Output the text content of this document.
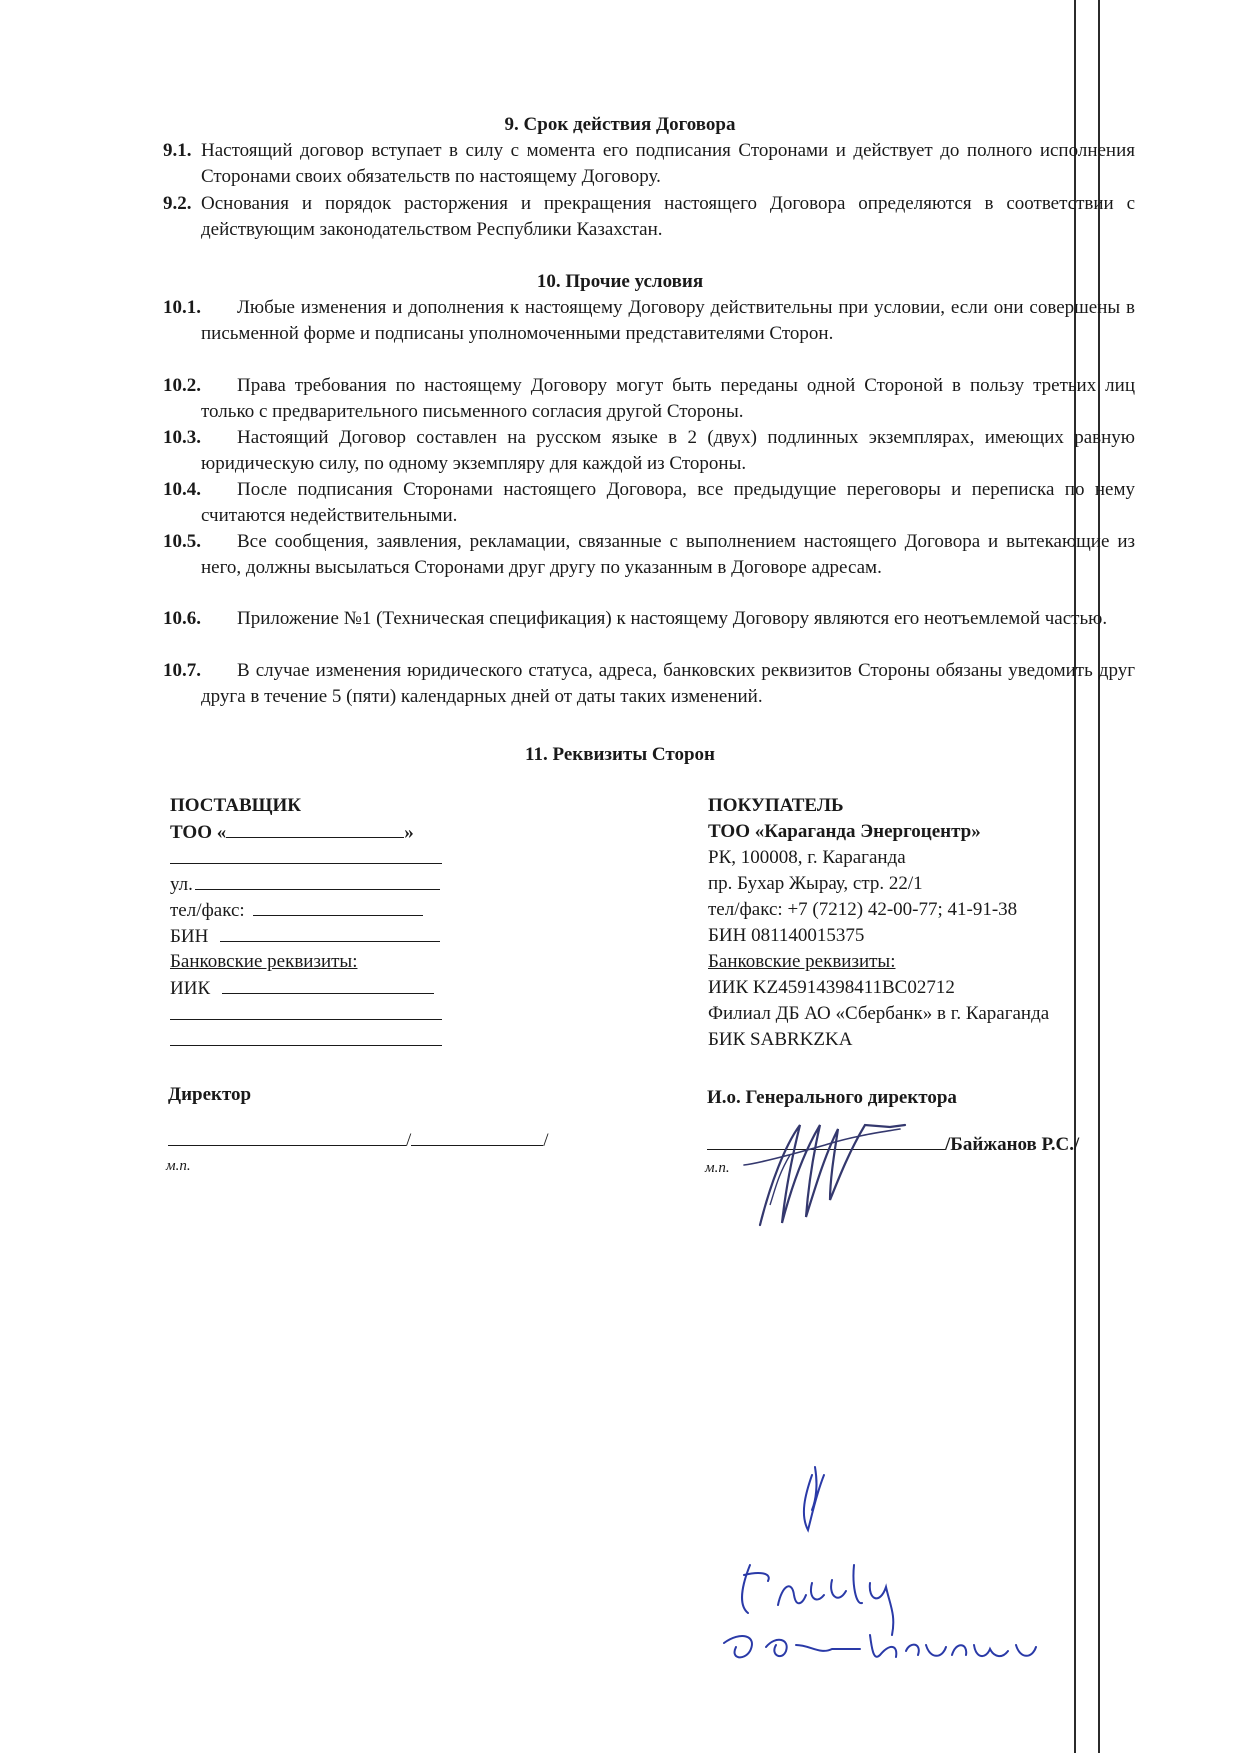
9. Срок действия Договора
9.1. Настоящий договор вступает в силу с момента его подписания Сторонами и действует до полного исполнения Сторонами своих обязательств по настоящему Договору.
9.2. Основания и порядок расторжения и прекращения настоящего Договора определяются в соответствии с действующим законодательством Республики Казахстан.
10. Прочие условия
10.1.	Любые изменения и дополнения к настоящему Договору действительны при условии, если они совершены в письменной форме и подписаны уполномоченными представителями Сторон.
10.2.	Права требования по настоящему Договору могут быть переданы одной Стороной в пользу третьих лиц только с предварительного письменного согласия другой Стороны.
10.3.	Настоящий Договор составлен на русском языке в 2 (двух) подлинных экземплярах, имеющих равную юридическую силу, по одному экземпляру для каждой из Стороны.
10.4.	После подписания Сторонами настоящего Договора, все предыдущие переговоры и переписка по нему считаются недействительными.
10.5.	Все сообщения, заявления, рекламации, связанные с выполнением настоящего Договора и вытекающие из него, должны высылаться Сторонами друг другу по указанным в Договоре адресам.
10.6.	Приложение №1 (Техническая спецификация) к настоящему Договору являются его неотъемлемой частью.
10.7.	В случае изменения юридического статуса, адреса, банковских реквизитов Стороны обязаны уведомить друг друга в течение 5 (пяти) календарных дней от даты таких изменений.
11. Реквизиты Сторон
ПОСТАВЩИК
ТОО «	»
ул.
тел/факс:
БИН
Банковские реквизиты:
ИИК
Директор
/	/
м.п.
ПОКУПАТЕЛЬ
ТОО «Караганда Энергоцентр»
РК, 100008, г. Караганда
пр. Бухар Жырау, стр. 22/1
тел/факс: +7 (7212) 42-00-77; 41-91-38
БИН 081140015375
Банковские реквизиты:
ИИК KZ45914398411BC02712
Филиал ДБ АО «Сбербанк» в г. Караганда
БИК SABRKZKA
И.о. Генерального директора
/Байжанов Р.С./
м.п.
